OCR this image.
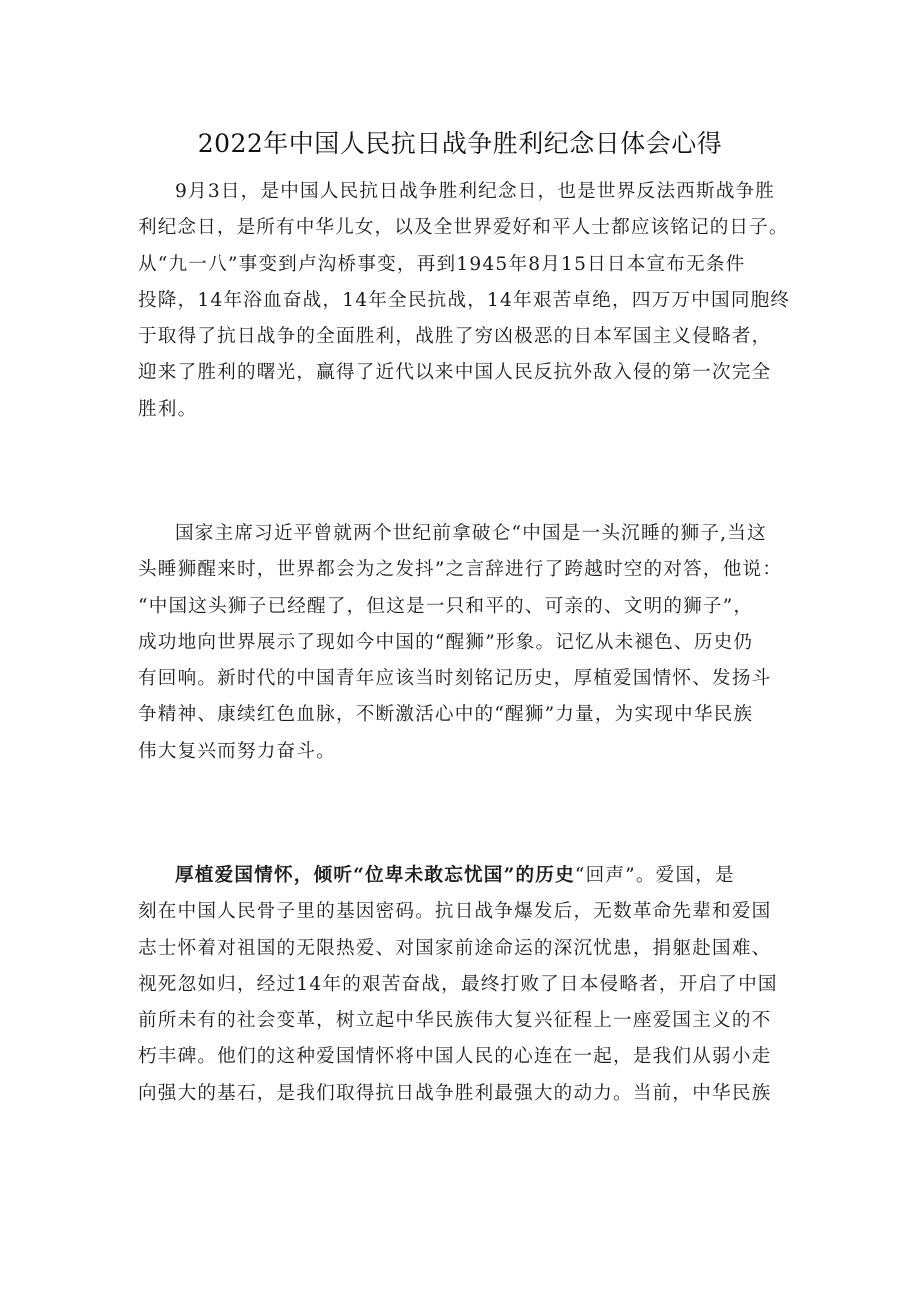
2022年中国人民抗日战争胜利纪念日体会心得
9月3日，是中国人民抗日战争胜利纪念日，也是世界反法西斯战争胜
利纪念日，是所有中华儿女，以及全世界爱好和平人士都应该铭记的日子。
从“九一八”事变到卢沟桥事变，再到1945年8月15日日本宣布无条件
投降，14年浴血奋战，14年全民抗战，14年艰苦卓绝，四万万中国同胞终
于取得了抗日战争的全面胜利，战胜了穷凶极恶的日本军国主义侵略者，
迎来了胜利的曙光，赢得了近代以来中国人民反抗外敌入侵的第一次完全
胜利。
国家主席习近平曾就两个世纪前拿破仑“中国是一头沉睡的狮子,当这
头睡狮醒来时，世界都会为之发抖”之言辞进行了跨越时空的对答，他说：
“中国这头狮子已经醒了，但这是一只和平的、可亲的、文明的狮子”，
成功地向世界展示了现如今中国的“醒狮”形象。记忆从未褪色、历史仍
有回响。新时代的中国青年应该当时刻铭记历史，厚植爱国情怀、发扬斗
争精神、康续红色血脉，不断激活心中的“醒狮”力量，为实现中华民族
伟大复兴而努力奋斗。
厚植爱国情怀，倾听“位卑未敢忘忧国”的历史“回声”。爱国，是
刻在中国人民骨子里的基因密码。抗日战争爆发后，无数革命先辈和爱国
志士怀着对祖国的无限热爱、对国家前途命运的深沉忧患，捐躯赴国难、
视死忽如归，经过14年的艰苦奋战，最终打败了日本侵略者，开启了中国
前所未有的社会变革，树立起中华民族伟大复兴征程上一座爱国主义的不
朽丰碑。他们的这种爱国情怀将中国人民的心连在一起，是我们从弱小走
向强大的基石，是我们取得抗日战争胜利最强大的动力。当前，中华民族
